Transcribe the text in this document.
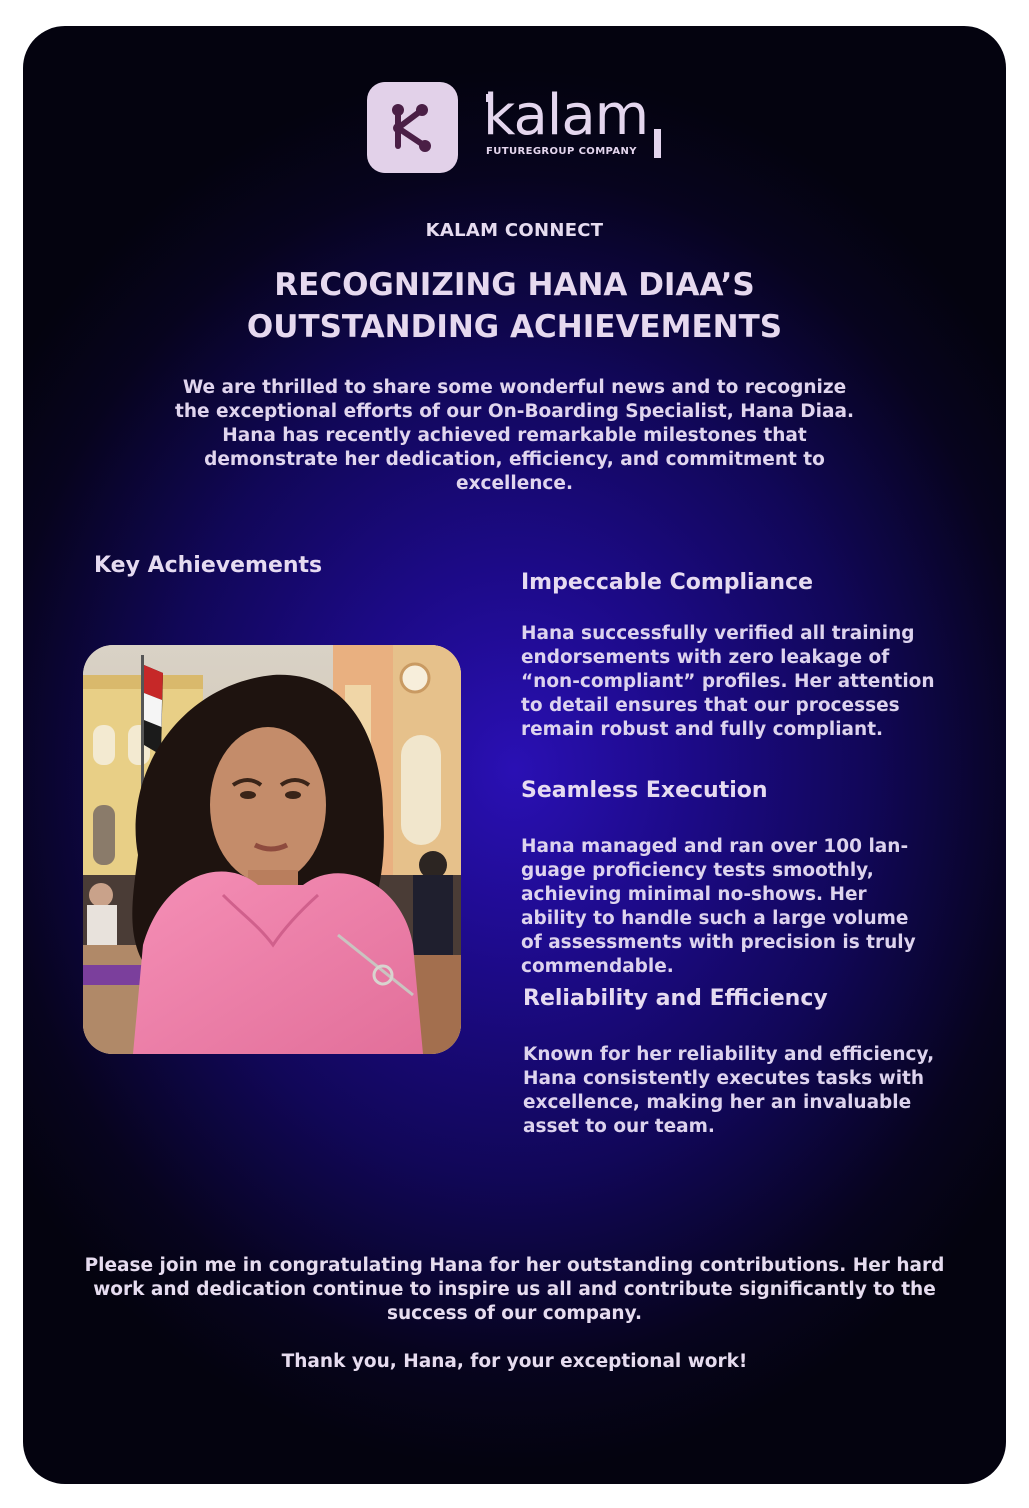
kalam
FUTUREGROUP COMPANY
KALAM CONNECT
RECOGNIZING HANA DIAA’S
OUTSTANDING ACHIEVEMENTS
We are thrilled to share some wonderful news and to recognize the exceptional efforts of our On-Boarding Specialist, Hana Diaa. Hana has recently achieved remarkable milestones that demonstrate her dedication, efficiency, and commitment to excellence.
Key Achievements
Impeccable Compliance
Hana successfully verified all training
endorsements with zero leakage of
“non-compliant” profiles. Her attention
to detail ensures that our processes
remain robust and fully compliant.
Seamless Execution
Hana managed and ran over 100 lan-
guage proficiency tests smoothly,
achieving minimal no-shows. Her
ability to handle such a large volume
of assessments with precision is truly
commendable.
Reliability and Efficiency
Known for her reliability and efficiency,
Hana consistently executes tasks with
excellence, making her an invaluable
asset to our team.
Please join me in congratulating Hana for her outstanding contributions. Her hard work and dedication continue to inspire us all and contribute significantly to the success of our company.
Thank you, Hana, for your exceptional work!
